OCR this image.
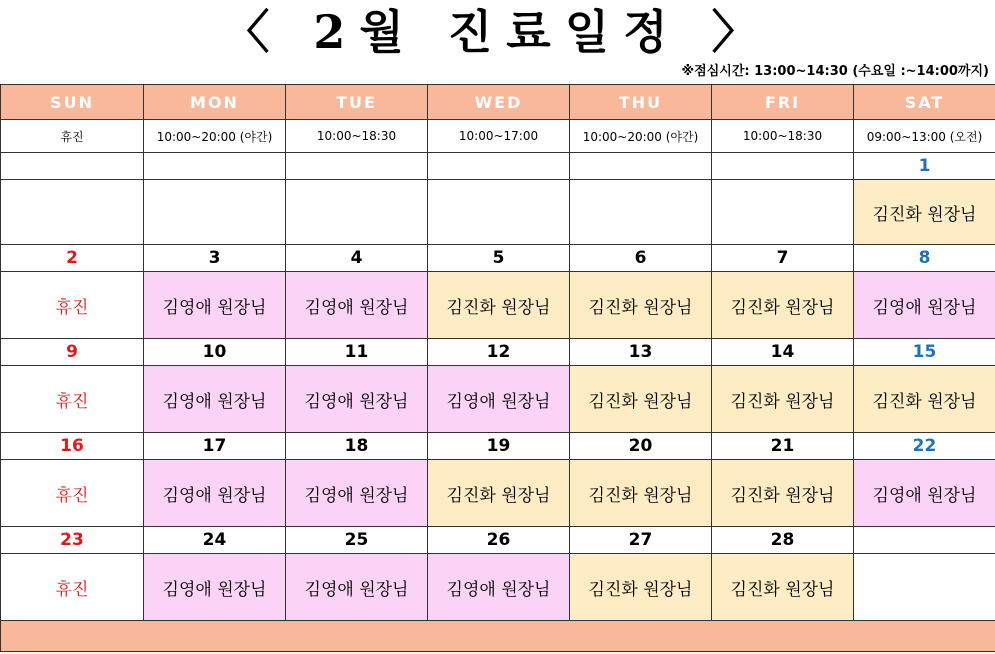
〈 2월 진료일정 〉
※점심시간: 13:00~14:30 (수요일 :~14:00까지)
SUN	MON	TUE	WED	THU	FRI	SAT
휴진	10:00~20:00 (야간)	10:00~18:30	10:00~17:00	10:00~20:00 (야간)	10:00~18:30	09:00~13:00 (오전)
						1
						김진화 원장님
2	3	4	5	6	7	8
휴진	김영애 원장님	김영애 원장님	김진화 원장님	김진화 원장님	김진화 원장님	김영애 원장님
9	10	11	12	13	14	15
휴진	김영애 원장님	김영애 원장님	김영애 원장님	김진화 원장님	김진화 원장님	김진화 원장님
16	17	18	19	20	21	22
휴진	김영애 원장님	김영애 원장님	김진화 원장님	김진화 원장님	김진화 원장님	김영애 원장님
23	24	25	26	27	28	
휴진	김영애 원장님	김영애 원장님	김영애 원장님	김진화 원장님	김진화 원장님	
